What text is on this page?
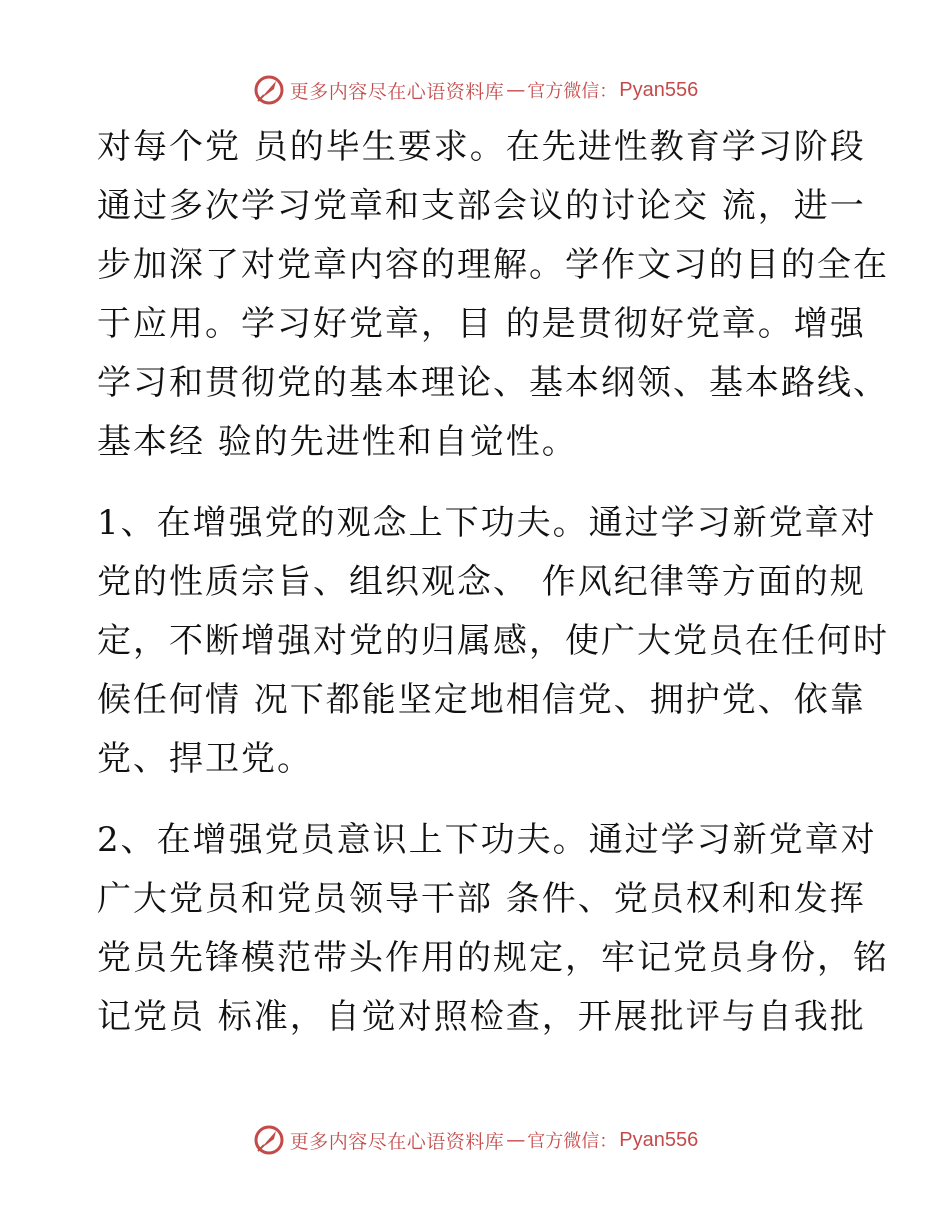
更多内容尽在心语资料库 — 官方微信： Pyan556
对每个党 员的毕生要求。在先进性教育学习阶段
通过多次学习党章和支部会议的讨论交 流，进一
步加深了对党章内容的理解。学作文习的目的全在
于应用。学习好党章，目 的是贯彻好党章。增强
学习和贯彻党的基本理论、基本纲领、基本路线、
基本经 验的先进性和自觉性。
1、在增强党的观念上下功夫。通过学习新党章对
党的性质宗旨、组织观念、 作风纪律等方面的规
定，不断增强对党的归属感，使广大党员在任何时
候任何情 况下都能坚定地相信党、拥护党、依靠
党、捍卫党。
2、在增强党员意识上下功夫。通过学习新党章对
广大党员和党员领导干部 条件、党员权利和发挥
党员先锋模范带头作用的规定，牢记党员身份，铭
记党员 标准，自觉对照检查，开展批评与自我批
更多内容尽在心语资料库 — 官方微信： Pyan556
